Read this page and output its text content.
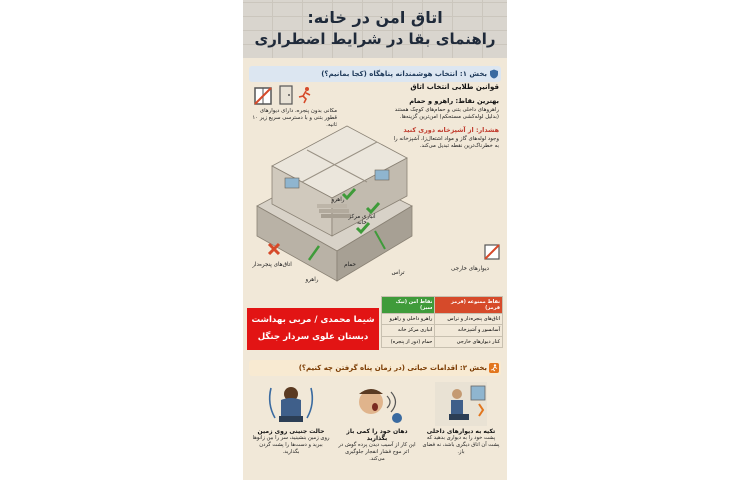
اتاق امن در خانه:
راهنمای بقا در شرایط اضطراری
بخش ۱: انتخاب هوشمندانه پناهگاه (کجا بمانیم؟)
مکانی بدون پنجره، دارای دیوارهای قطور بتنی و با دسترسی سریع زیر ۱۰ ثانیه.
قوانین طلایی انتخاب اتاق
بهترین نقاط: راهرو و حمام
راهروهای داخلی بتنی و حمام‌های کوچک هستند (بدلیل لوله‌کشی مستحکم) امن‌ترین گزینه‌ها.
هشدار: از آشپزخانه دوری کنید
وجود لوله‌های گاز و مواد اشتعال‌زا، آشپزخانه را به خطرناک‌ترین نقطه تبدیل می‌کند.
راهرو
انباری مرکز خانه
حمام
تراس
دیوارهای خارجی
اتاق‌های پنجره‌دار
راهرو
نقاط ممنوعه (قرمز قرمز)	نقاط امن (تیک سبز)
اتاق‌های پنجره‌دار و تراس	راهرو داخلی و راهرو
آسانسور و آشپزخانه	انباری مرکز خانه
کنار دیوارهای خارجی	حمام (دور از پنجره)
شیما محمدی / مربی بهداشت
دبستان علوی سردار جنگل
بخش ۲: اقدامات حیاتی (در زمان پناه گرفتن چه کنیم؟)
تکیه به دیوارهای داخلی
پشت خود را به دیواری بدهید که پشت آن اتاق دیگری باشد، نه فضای باز.
دهان خود را کمی باز بگذارید
این کار از آسیب دیدن پرده گوش در اثر موج فشار انفجار جلوگیری می‌کند.
حالت جنینی روی زمین
روی زمین بنشینید، سر را بین زانوها ببرید و دست‌ها را پشت گردن بگذارید.
